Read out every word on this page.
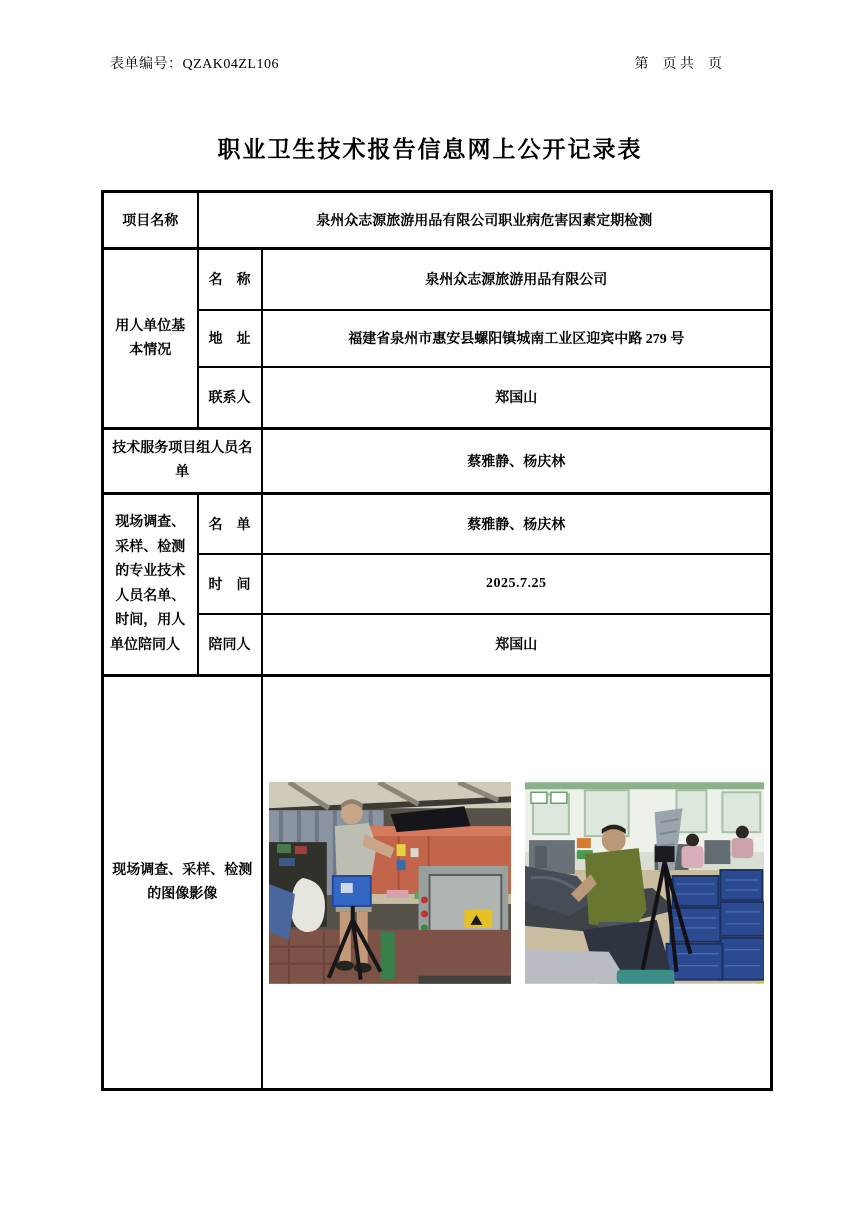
表单编号：QZAK04ZL106	第　页 共　页
职业卫生技术报告信息网上公开记录表
项目名称	泉州众志源旅游用品有限公司职业病危害因素定期检测	
用人单位基本情况	名　称	泉州众志源旅游用品有限公司
	地　址	福建省泉州市惠安县螺阳镇城南工业区迎宾中路 279 号
	联系人	郑国山
技术服务项目组人员名单		蔡雅静、杨庆林
现场调查、采样、检测的专业技术人员名单、时间，用人单位陪同人	名　单	蔡雅静、杨庆林
	时　间	2025.7.25
	陪同人	郑国山
现场调查、采样、检测的图像影像	
